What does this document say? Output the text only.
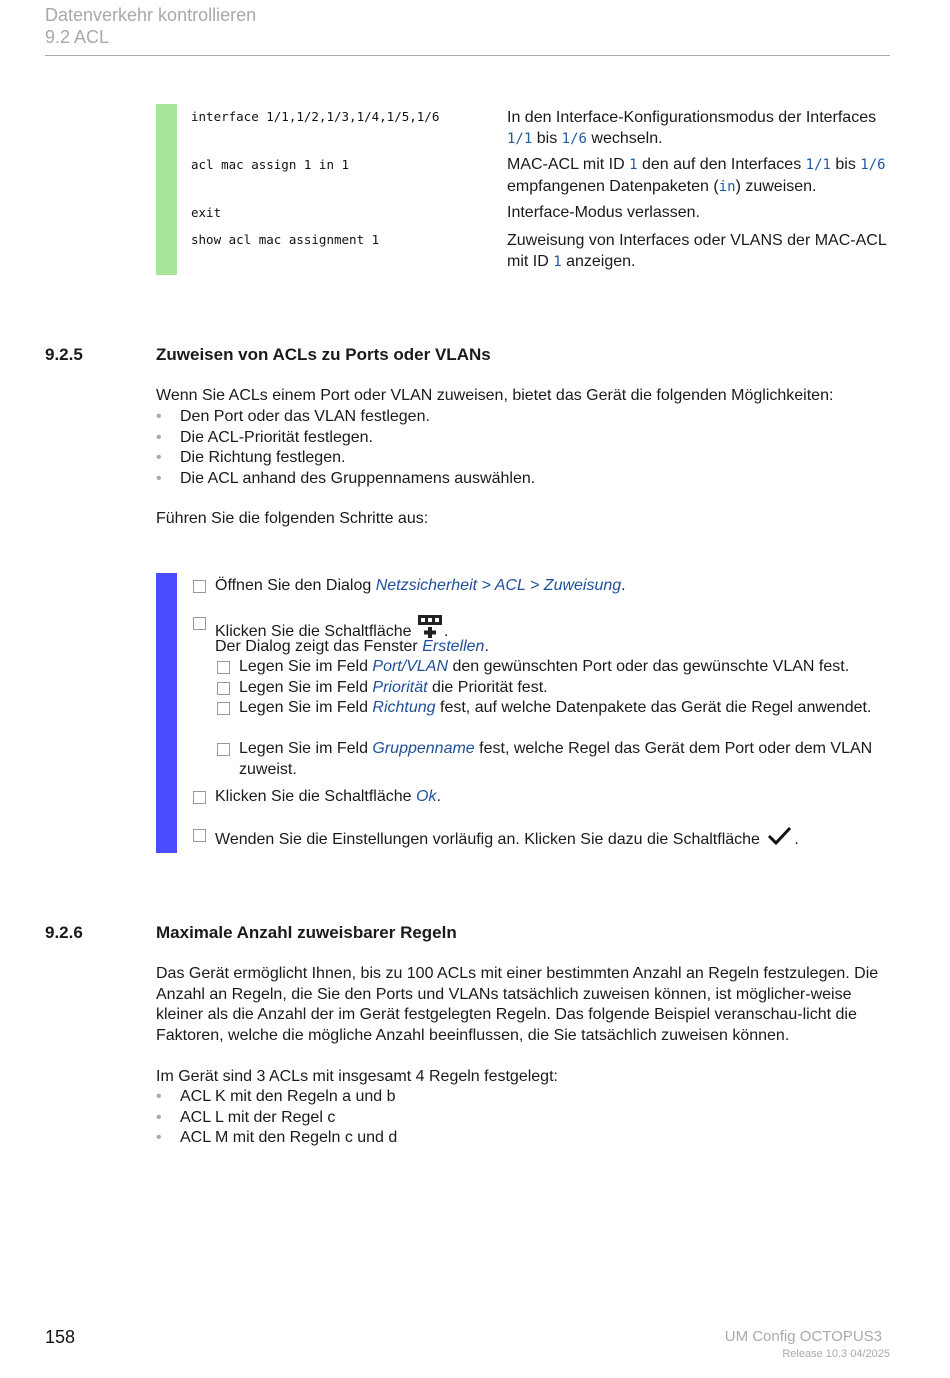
Datenverkehr kontrollieren
9.2 ACL
interface 1/1,1/2,1/3,1/4,1/5,1/6	In den Interface-Konfigurationsmodus der Interfaces 1/1 bis 1/6 wechseln.
acl mac assign 1 in 1	MAC-ACL mit ID 1 den auf den Interfaces 1/1 bis 1/6 empfangenen Datenpaketen (in) zuweisen.
exit	Interface-Modus verlassen.
show acl mac assignment 1	Zuweisung von Interfaces oder VLANS der MAC-ACL mit ID 1 anzeigen.
9.2.5	Zuweisen von ACLs zu Ports oder VLANs
Wenn Sie ACLs einem Port oder VLAN zuweisen, bietet das Gerät die folgenden Möglichkeiten:
• Den Port oder das VLAN festlegen.
• Die ACL-Priorität festlegen.
• Die Richtung festlegen.
• Die ACL anhand des Gruppennamens auswählen.
Führen Sie die folgenden Schritte aus:
Öffnen Sie den Dialog Netzsicherheit > ACL > Zuweisung.
Klicken Sie die Schaltfläche .
Der Dialog zeigt das Fenster Erstellen.
Legen Sie im Feld Port/VLAN den gewünschten Port oder das gewünschte VLAN fest.
Legen Sie im Feld Priorität die Priorität fest.
Legen Sie im Feld Richtung fest, auf welche Datenpakete das Gerät die Regel anwendet.
Legen Sie im Feld Gruppenname fest, welche Regel das Gerät dem Port oder dem VLAN zuweist.
Klicken Sie die Schaltfläche Ok.
Wenden Sie die Einstellungen vorläufig an. Klicken Sie dazu die Schaltfläche .
9.2.6	Maximale Anzahl zuweisbarer Regeln
Das Gerät ermöglicht Ihnen, bis zu 100 ACLs mit einer bestimmten Anzahl an Regeln festzulegen. Die Anzahl an Regeln, die Sie den Ports und VLANs tatsächlich zuweisen können, ist möglicher-weise kleiner als die Anzahl der im Gerät festgelegten Regeln. Das folgende Beispiel veranschau-licht die Faktoren, welche die mögliche Anzahl beeinflussen, die Sie tatsächlich zuweisen können.
Im Gerät sind 3 ACLs mit insgesamt 4 Regeln festgelegt:
• ACL K mit den Regeln a und b
• ACL L mit der Regel c
• ACL M mit den Regeln c und d
158	UM Config OCTOPUS3
Release 10.3 04/2025
